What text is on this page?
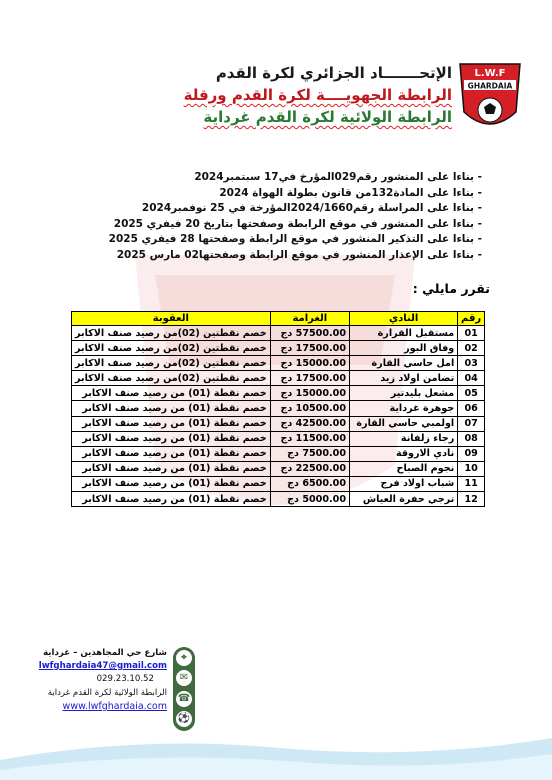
L.W.F
GHARDAIA
الإتحـــــــاد الجزائري لكرة القدم
الرابطة الجهويــــة لكرة القدم ورقلة
الرابطة الولائية لكرة القدم غرداية
- بناءا على المنشور رقم029المؤرخ في17 سبتمبر2024
- بناءا على المادة132من قانون بطولة الهواة 2024
- بناءا على المراسلة رقم2024/1660المؤرخة في 25 نوفمبر2024
- بناءا على المنشور في موقع الرابطة وصفحتها بتاريخ 20 فيفري 2025
- بناءا على التذكير المنشور في موقع الرابطة وصفحتها 28 فيفري 2025
- بناءا على الإعذار المنشور في موقع الرابطة وصفحتها02 مارس 2025
تقرر مايلي :
رقم	النادي	الغرامة	العقوبة
01	مستقبل القرارة	57500.00 دج	خصم نقطتين (02)من رصيد صنف الاكابر
02	وفاق البور	17500.00 دج	خصم نقطتين (02)من رصيد صنف الاكابر
03	امل حاسي القارة	15000.00 دج	خصم نقطتين (02)من رصيد صنف الاكابر
04	تضامن اولاد زيد	17500.00 دج	خصم نقطتين (02)من رصيد صنف الاكابر
05	مشعل بليدتير	15000.00 دج	خصم نقطة (01) من رصيد صنف الاكابر
06	جوهرة غرداية	10500.00 دج	خصم نقطة (01) من رصيد صنف الاكابر
07	اولمبي حاسي القارة	42500.00 دج	خصم نقطة (01) من رصيد صنف الاكابر
08	رجاء زلفانة	11500.00 دج	خصم نقطة (01) من رصيد صنف الاكابر
09	نادي الاروقة	7500.00 دج	خصم نقطة (01) من رصيد صنف الاكابر
10	نجوم الصباح	22500.00 دج	خصم نقطة (01) من رصيد صنف الاكابر
11	شباب اولاد فرج	6500.00 دج	خصم نقطة (01) من رصيد صنف الاكابر
12	ترجي حفرة العياش	5000.00 دج	خصم نقطة (01) من رصيد صنف الاكابر
⌖
✉
☎
⚽
شارع حي المجاهدين – غرداية
lwfghardaia47@gmail.com
029.23.10.52
الرابطة الولائية لكرة القدم غرداية
www.lwfghardaia.com
